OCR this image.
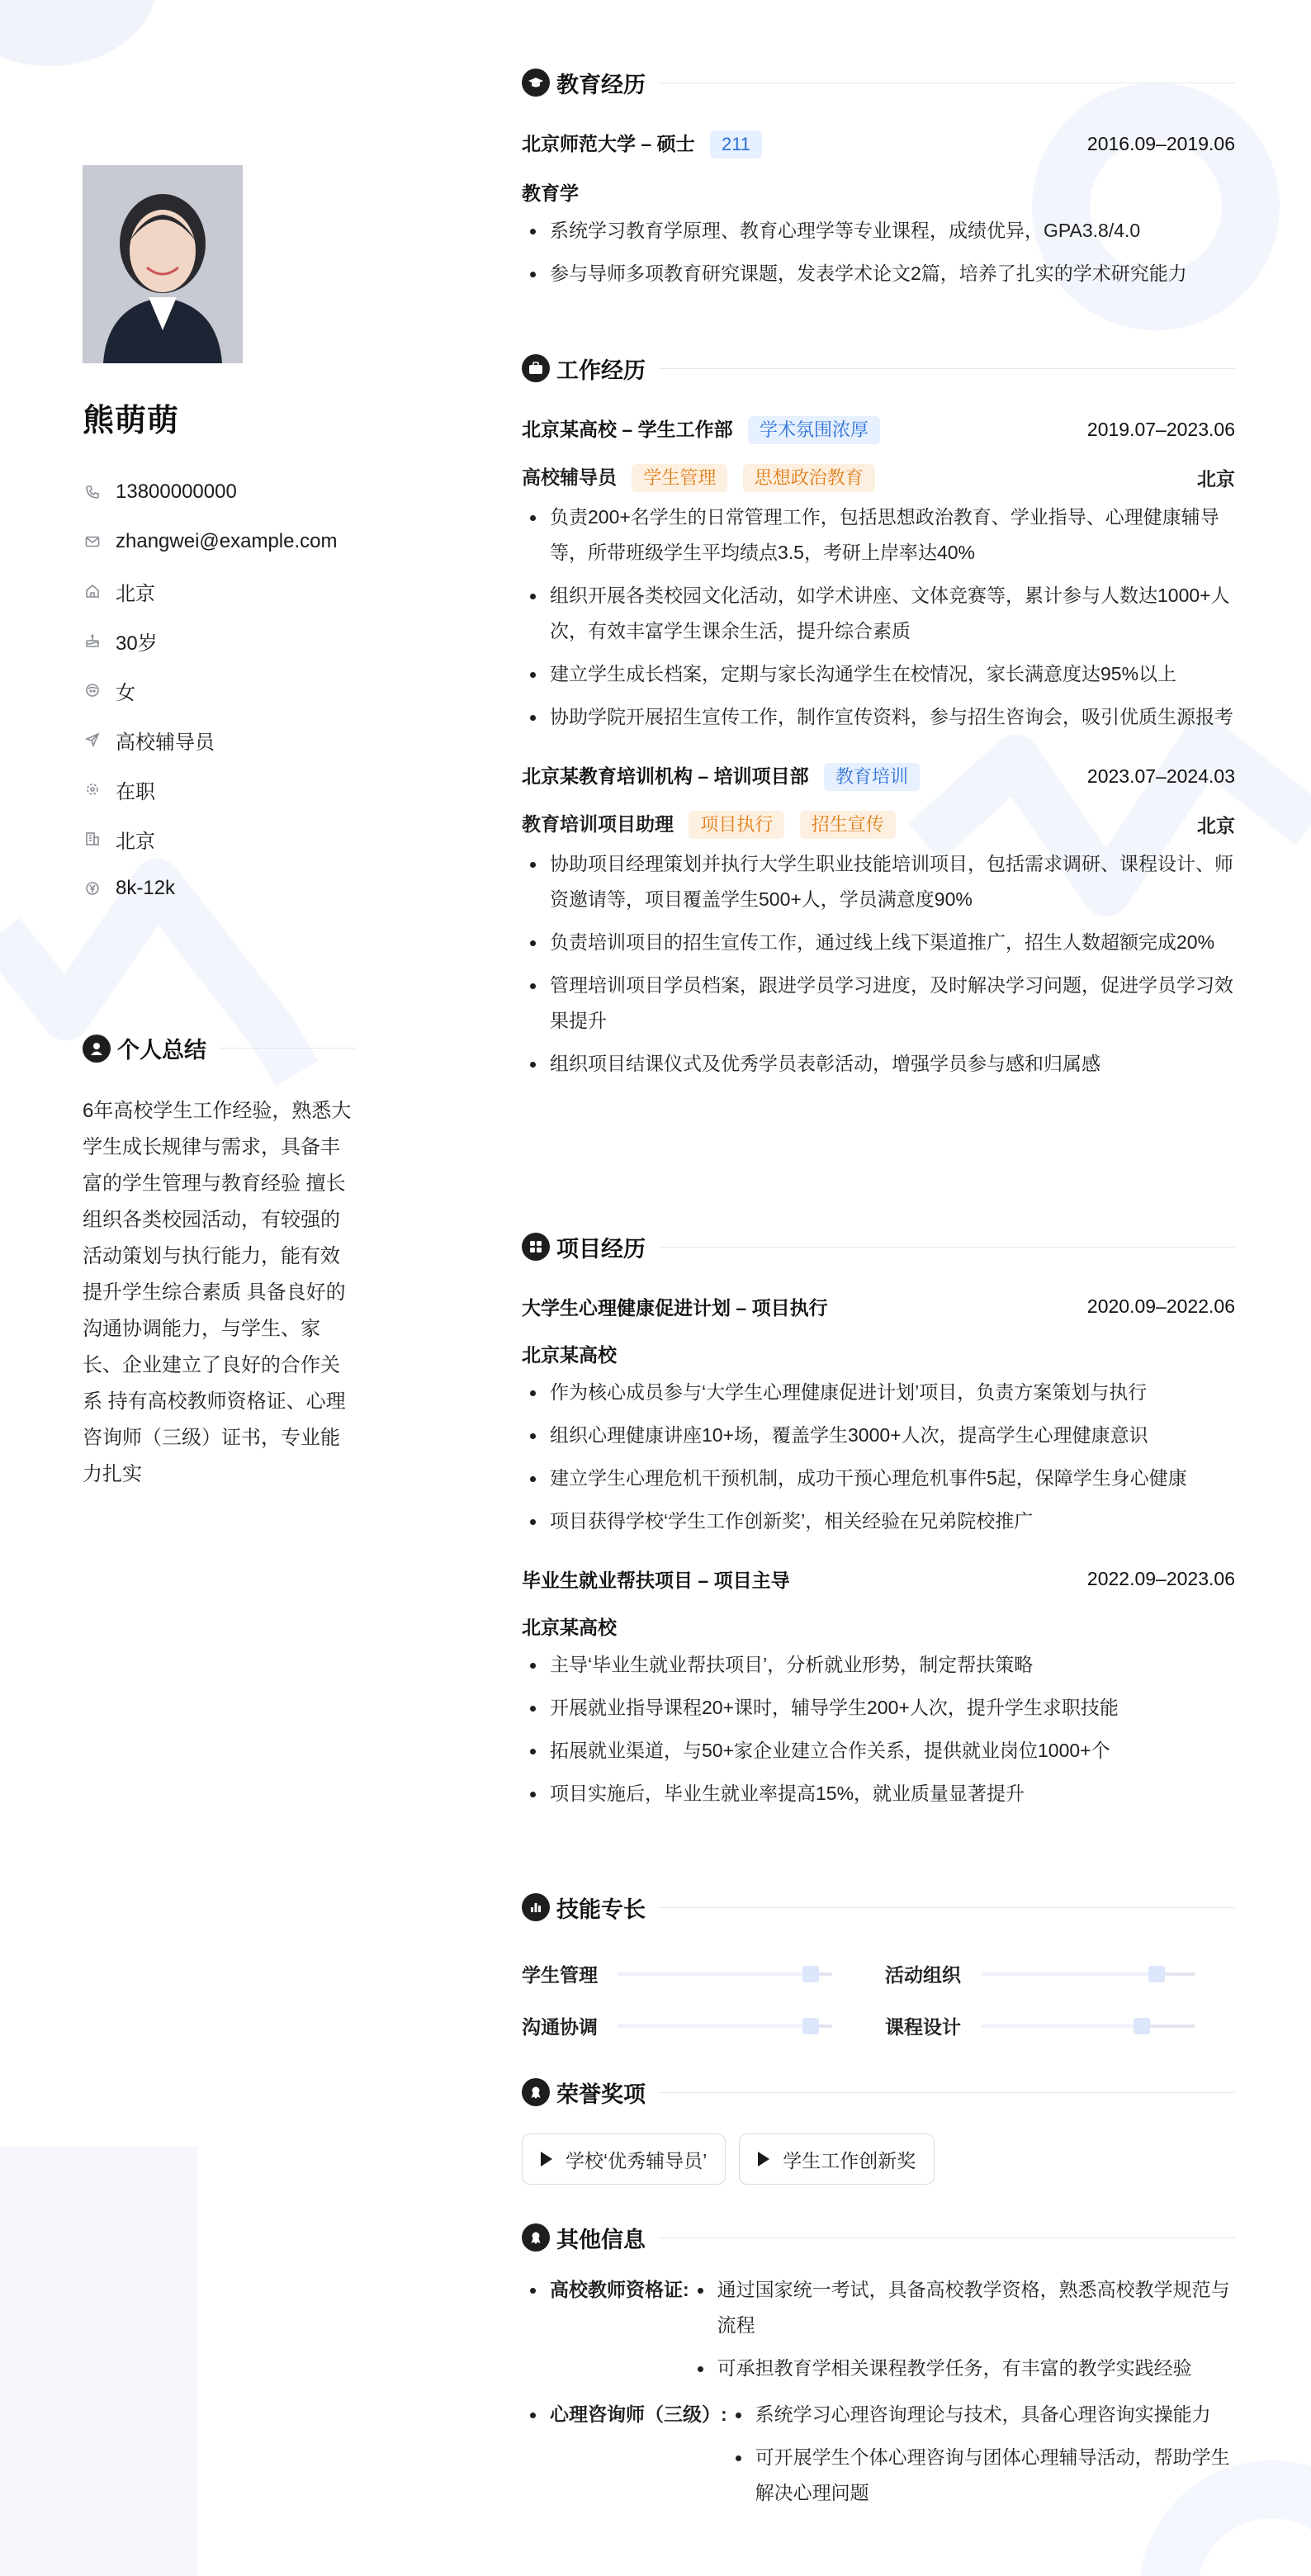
熊萌萌
13800000000
zhangwei@example.com
北京
30岁
女
高校辅导员
在职
北京
8k-12k
个人总结
6年高校学生工作经验，熟悉大学生成长规律与需求，具备丰富的学生管理与教育经验 擅长组织各类校园活动，有较强的活动策划与执行能力，能有效提升学生综合素质 具备良好的沟通协调能力，与学生、家长、企业建立了良好的合作关系 持有高校教师资格证、心理咨询师（三级）证书，专业能力扎实
教育经历
北京师范大学 – 硕士 211	2016.09–2019.06
教育学
系统学习教育学原理、教育心理学等专业课程，成绩优异，GPA3.8/4.0
参与导师多项教育研究课题，发表学术论文2篇，培养了扎实的学术研究能力
工作经历
北京某高校 – 学生工作部 学术氛围浓厚	2019.07–2023.06
高校辅导员 学生管理 思想政治教育	北京
负责200+名学生的日常管理工作，包括思想政治教育、学业指导、心理健康辅导等，所带班级学生平均绩点3.5，考研上岸率达40%
组织开展各类校园文化活动，如学术讲座、文体竞赛等，累计参与人数达1000+人次，有效丰富学生课余生活，提升综合素质
建立学生成长档案，定期与家长沟通学生在校情况，家长满意度达95%以上
协助学院开展招生宣传工作，制作宣传资料，参与招生咨询会，吸引优质生源报考
北京某教育培训机构 – 培训项目部 教育培训	2023.07–2024.03
教育培训项目助理 项目执行 招生宣传	北京
协助项目经理策划并执行大学生职业技能培训项目，包括需求调研、课程设计、师资邀请等，项目覆盖学生500+人，学员满意度90%
负责培训项目的招生宣传工作，通过线上线下渠道推广，招生人数超额完成20%
管理培训项目学员档案，跟进学员学习进度，及时解决学习问题，促进学员学习效果提升
组织项目结课仪式及优秀学员表彰活动，增强学员参与感和归属感
项目经历
大学生心理健康促进计划 – 项目执行	2020.09–2022.06
北京某高校
作为核心成员参与‘大学生心理健康促进计划’项目，负责方案策划与执行
组织心理健康讲座10+场，覆盖学生3000+人次，提高学生心理健康意识
建立学生心理危机干预机制，成功干预心理危机事件5起，保障学生身心健康
项目获得学校‘学生工作创新奖’，相关经验在兄弟院校推广
毕业生就业帮扶项目 – 项目主导	2022.09–2023.06
北京某高校
主导‘毕业生就业帮扶项目’，分析就业形势，制定帮扶策略
开展就业指导课程20+课时，辅导学生200+人次，提升学生求职技能
拓展就业渠道，与50+家企业建立合作关系，提供就业岗位1000+个
项目实施后，毕业生就业率提高15%，就业质量显著提升
技能专长
学生管理	活动组织
沟通协调	课程设计
荣誉奖项
学校‘优秀辅导员’	学生工作创新奖
其他信息
高校教师资格证:	通过国家统一考试，具备高校教学资格，熟悉高校教学规范与流程
可承担教育学相关课程教学任务，有丰富的教学实践经验
心理咨询师（三级）:	系统学习心理咨询理论与技术，具备心理咨询实操能力
可开展学生个体心理咨询与团体心理辅导活动，帮助学生解决心理问题
